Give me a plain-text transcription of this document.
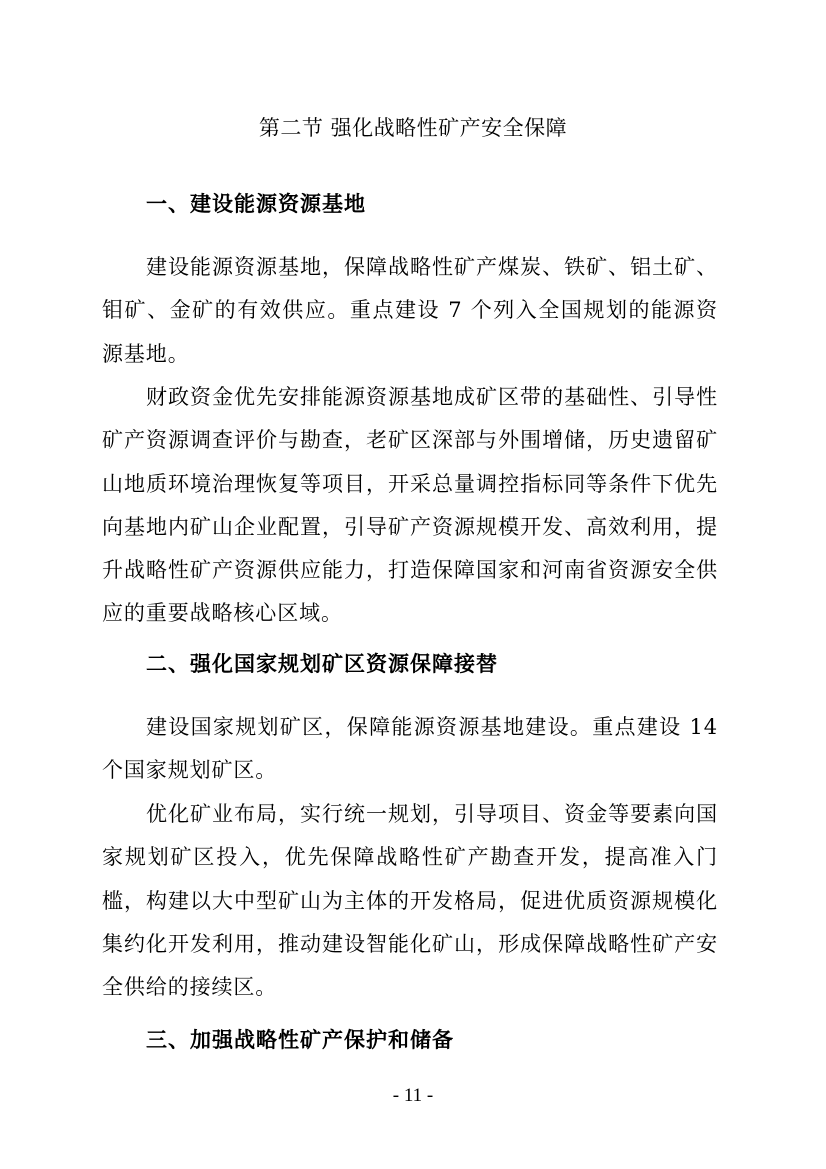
第二节 强化战略性矿产安全保障
一、建设能源资源基地

建设能源资源基地，保障战略性矿产煤炭、铁矿、铝土矿、钼矿、金矿的有效供应。重点建设 7 个列入全国规划的能源资源基地。

财政资金优先安排能源资源基地成矿区带的基础性、引导性矿产资源调查评价与勘查，老矿区深部与外围增储，历史遗留矿山地质环境治理恢复等项目，开采总量调控指标同等条件下优先向基地内矿山企业配置，引导矿产资源规模开发、高效利用，提升战略性矿产资源供应能力，打造保障国家和河南省资源安全供应的重要战略核心区域。

二、强化国家规划矿区资源保障接替

建设国家规划矿区，保障能源资源基地建设。重点建设 14 个国家规划矿区。

优化矿业布局，实行统一规划，引导项目、资金等要素向国家规划矿区投入，优先保障战略性矿产勘查开发，提高准入门槛，构建以大中型矿山为主体的开发格局，促进优质资源规模化集约化开发利用，推动建设智能化矿山，形成保障战略性矿产安全供给的接续区。

三、加强战略性矿产保护和储备
- 11 -
